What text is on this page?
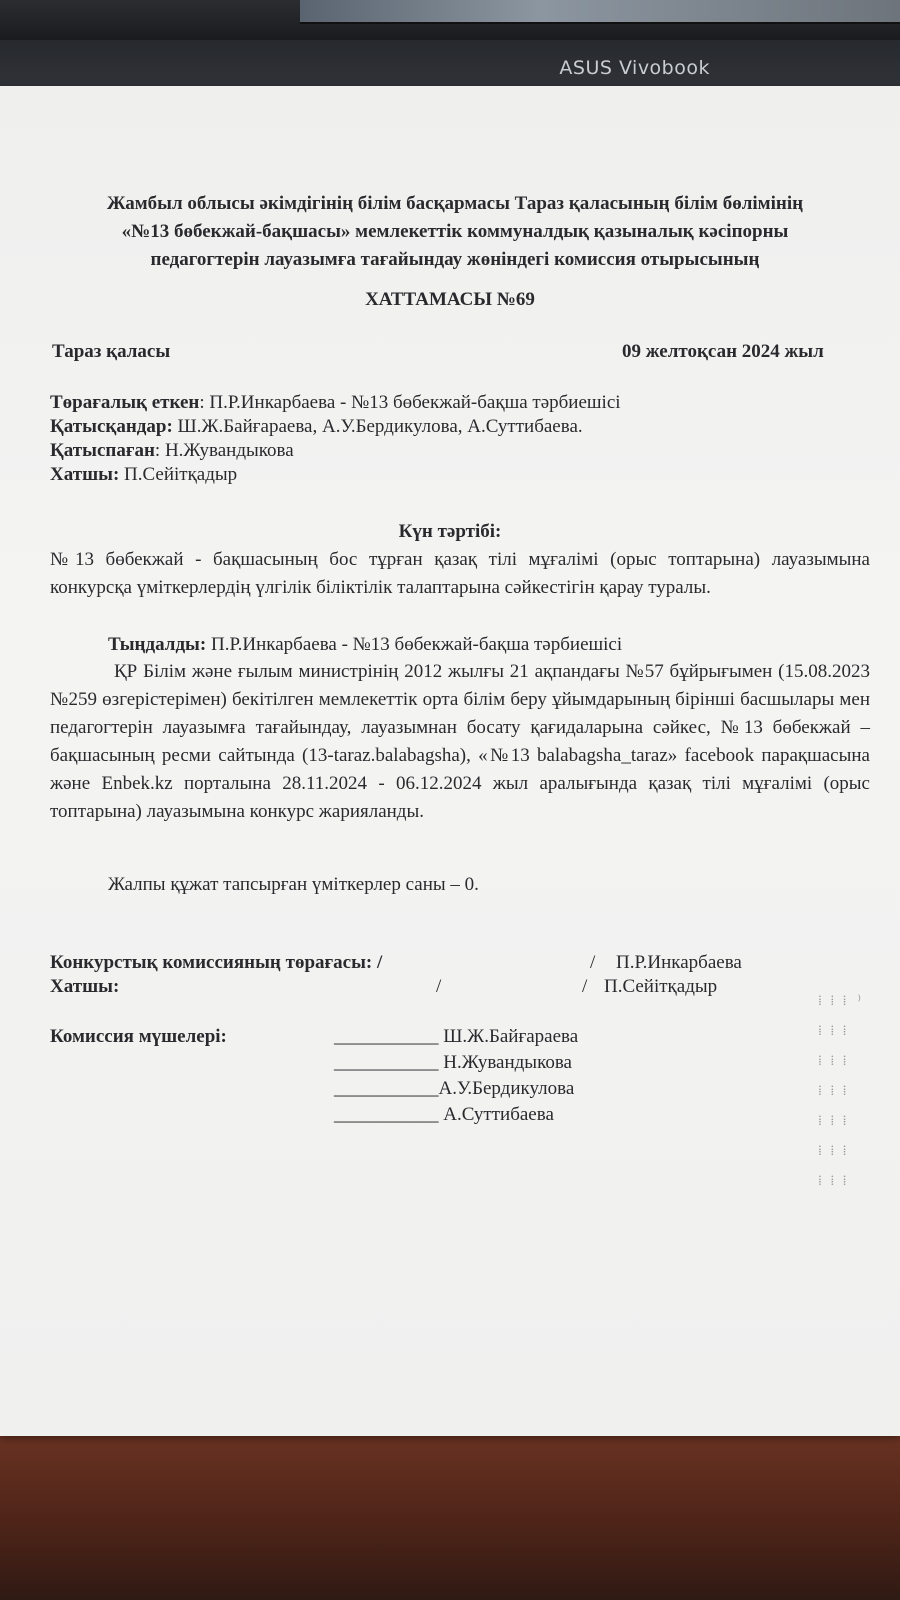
ASUS Vivobook
Жамбыл облысы әкімдігінің білім басқармасы Тараз қаласының білім бөлімінің
«№13 бөбекжай-бақшасы» мемлекеттік коммуналдық қазыналық кәсіпорны
педагогтерін лауазымға тағайындау жөніндегі комиссия отырысының
ХАТТАМАСЫ №69
Тараз қаласы	09 желтоқсан 2024 жыл
Төрағалық еткен: П.Р.Инкарбаева - №13 бөбекжай-бақша тәрбиешісі
Қатысқандар: Ш.Ж.Байғараева, А.У.Бердикулова, А.Суттибаева.
Қатыспаған: Н.Жувандыкова
Хатшы: П.Сейітқадыр
Күн тәртібі:
№13 бөбекжай - бақшасының бос тұрған қазақ тілі мұғалімі (орыс топтарына) лауазымына конкурсқа үміткерлердің үлгілік біліктілік талаптарына сәйкестігін қарау туралы.
Тыңдалды: П.Р.Инкарбаева - №13 бөбекжай-бақша тәрбиешісі
ҚР Білім және ғылым министрінің 2012 жылғы 21 ақпандағы №57 бұйрығымен (15.08.2023 №259 өзгерістерімен) бекітілген мемлекеттік орта білім беру ұйымдарының бірінші басшылары мен педагогтерін лауазымға тағайындау, лауазымнан босату қағидаларына сәйкес, №13 бөбекжай – бақшасының ресми сайтында (13-taraz.balabagsha), «№13 balabagsha_taraz» facebook парақшасына және Enbek.kz порталына 28.11.2024 - 06.12.2024 жыл аралығында қазақ тілі мұғалімі (орыс топтарына) лауазымына конкурс жарияланды.
Жалпы құжат тапсырған үміткерлер саны – 0.
Конкурстық комиссияның төрағасы: /	/ П.Р.Инкарбаева
Хатшы:	/	/ П.Сейітқадыр
Комиссия мүшелері:	___________ Ш.Ж.Байғараева
___________ Н.Жувандыкова
___________А.У.Бердикулова
___________ А.Суттибаева
⁞ ⁞ ⁞ ⁾
⁞ ⁞ ⁞
⁞ ⁞ ⁞
⁞ ⁞ ⁞
⁞ ⁞ ⁞
⁞ ⁞ ⁞
⁞ ⁞ ⁞
